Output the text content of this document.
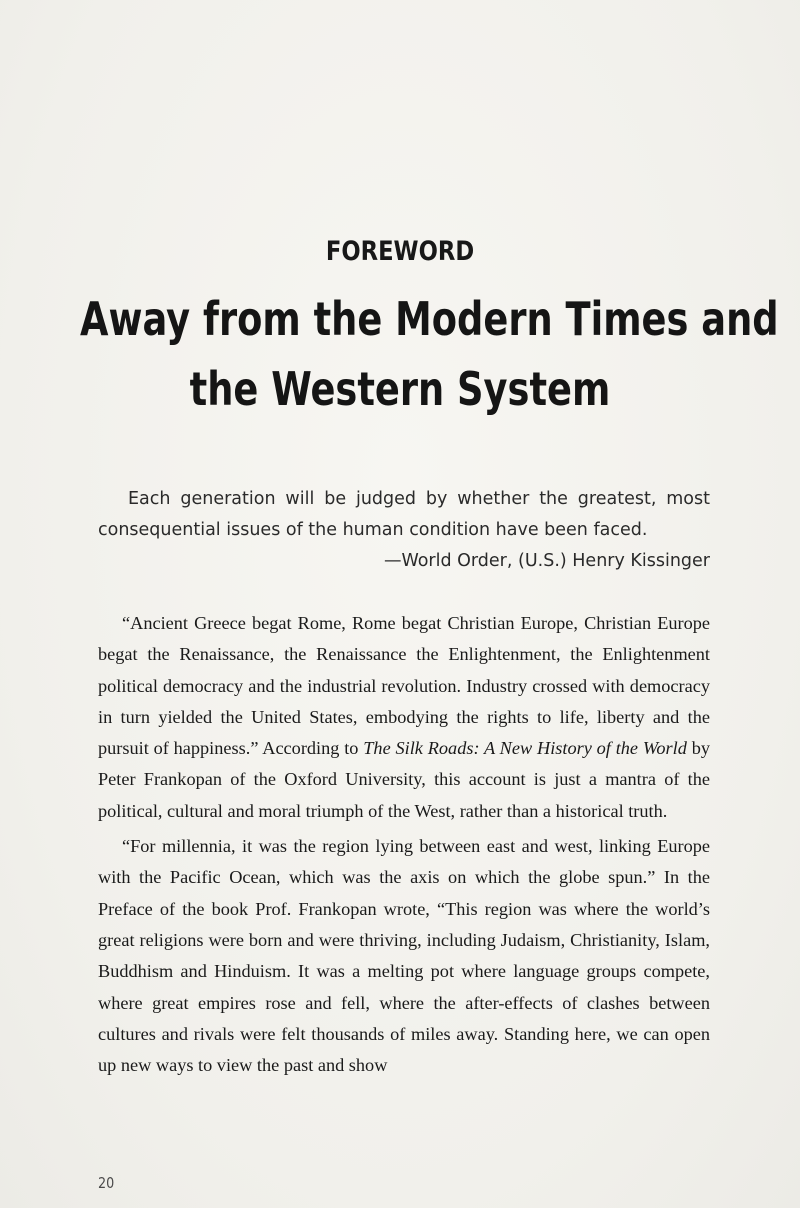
FOREWORD
Away from the Modern Times and
the Western System

Each generation will be judged by whether the greatest, most consequential issues of the human condition have been faced.

—World Order, (U.S.) Henry Kissinger

“Ancient Greece begat Rome, Rome begat Christian Europe, Christian Europe begat the Renaissance, the Renaissance the Enlightenment, the Enlightenment political democracy and the industrial revolution. Industry crossed with democracy in turn yielded the United States, embodying the rights to life, liberty and the pursuit of happiness.” According to The Silk Roads: A New History of the World by Peter Frankopan of the Oxford University, this account is just a mantra of the political, cultural and moral triumph of the West, rather than a historical truth.

“For millennia, it was the region lying between east and west, linking Europe with the Pacific Ocean, which was the axis on which the globe spun.” In the Preface of the book Prof. Frankopan wrote, “This region was where the world’s great religions were born and were thriving, including Judaism, Christianity, Islam, Buddhism and Hinduism. It was a melting pot where language groups compete, where great empires rose and fell, where the after-effects of clashes between cultures and rivals were felt thousands of miles away. Standing here, we can open up new ways to view the past and show

20
